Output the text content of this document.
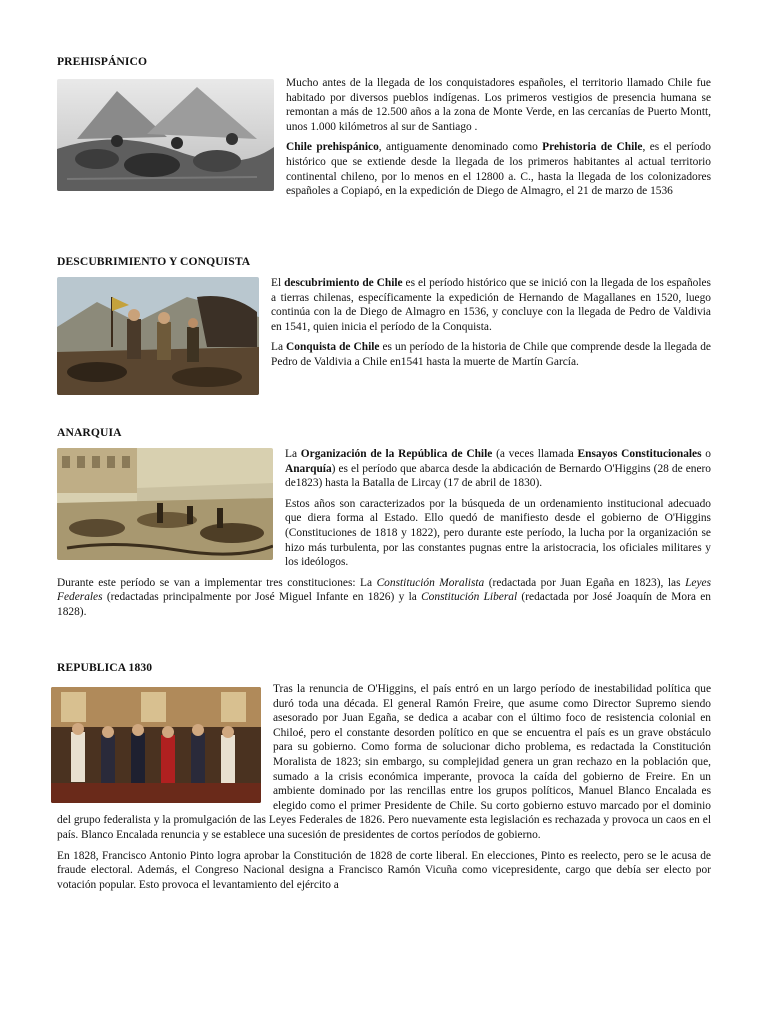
PREHISPÁNICO

Mucho antes de la llegada de los conquistadores españoles, el territorio llamado Chile fue habitado por diversos pueblos indígenas. Los primeros vestigios de presencia humana se remontan a más de 12.500 años a la zona de Monte Verde, en las cercanías de Puerto Montt, unos 1.000 kilómetros al sur de Santiago .

Chile prehispánico, antiguamente denominado como Prehistoria de Chile, es el período histórico que se extiende desde la llegada de los primeros habitantes al actual territorio continental chileno, por lo menos en el 12800 a. C., hasta la llegada de los colonizadores españoles a Copiapó, en la expedición de Diego de Almagro, el 21 de marzo de 1536

DESCUBRIMIENTO Y CONQUISTA

El descubrimiento de Chile es el período histórico que se inició con la llegada de los españoles a tierras chilenas, específicamente la expedición de Hernando de Magallanes en 1520, luego continúa con la de Diego de Almagro en 1536, y concluye con la llegada de Pedro de Valdivia en 1541, quien inicia el período de la Conquista.

La Conquista de Chile es un período de la historia de Chile que comprende desde la llegada de Pedro de Valdivia a Chile en1541 hasta la muerte de Martín García.

ANARQUIA

La Organización de la República de Chile (a veces llamada Ensayos Constitucionales o Anarquía) es el período que abarca desde la abdicación de Bernardo O'Higgins (28 de enero de1823) hasta la Batalla de Lircay (17 de abril de 1830).

Estos años son caracterizados por la búsqueda de un ordenamiento institucional adecuado que diera forma al Estado. Ello quedó de manifiesto desde el gobierno de O'Higgins (Constituciones de 1818 y 1822), pero durante este período, la lucha por la organización se hizo más turbulenta, por las constantes pugnas entre la aristocracia, los oficiales militares y los ideólogos.

Durante este período se van a implementar tres constituciones: La Constitución Moralista (redactada por Juan Egaña en 1823), las Leyes Federales (redactadas principalmente por José Miguel Infante en 1826) y la Constitución Liberal (redactada por José Joaquín de Mora en 1828).

REPUBLICA 1830

Tras la renuncia de O'Higgins, el país entró en un largo período de inestabilidad política que duró toda una década. El general Ramón Freire, que asume como Director Supremo siendo asesorado por Juan Egaña, se dedica a acabar con el último foco de resistencia colonial en Chiloé, pero el constante desorden político en que se encuentra el país es un grave obstáculo para su gobierno. Como forma de solucionar dicho problema, es redactada la Constitución Moralista de 1823; sin embargo, su complejidad genera un gran rechazo en la población que, sumado a la crisis económica imperante, provoca la caída del gobierno de Freire. En un ambiente dominado por las rencillas entre los grupos políticos, Manuel Blanco Encalada es elegido como el primer Presidente de Chile. Su corto gobierno estuvo marcado por el dominio del grupo federalista y la promulgación de las Leyes Federales de 1826. Pero nuevamente esta legislación es rechazada y provoca un caos en el país. Blanco Encalada renuncia y se establece una sucesión de presidentes de cortos períodos de gobierno.

En 1828, Francisco Antonio Pinto logra aprobar la Constitución de 1828 de corte liberal. En elecciones, Pinto es reelecto, pero se le acusa de fraude electoral. Además, el Congreso Nacional designa a Francisco Ramón Vicuña como vicepresidente, cargo que debía ser electo por votación popular. Esto provoca el levantamiento del ejército a
